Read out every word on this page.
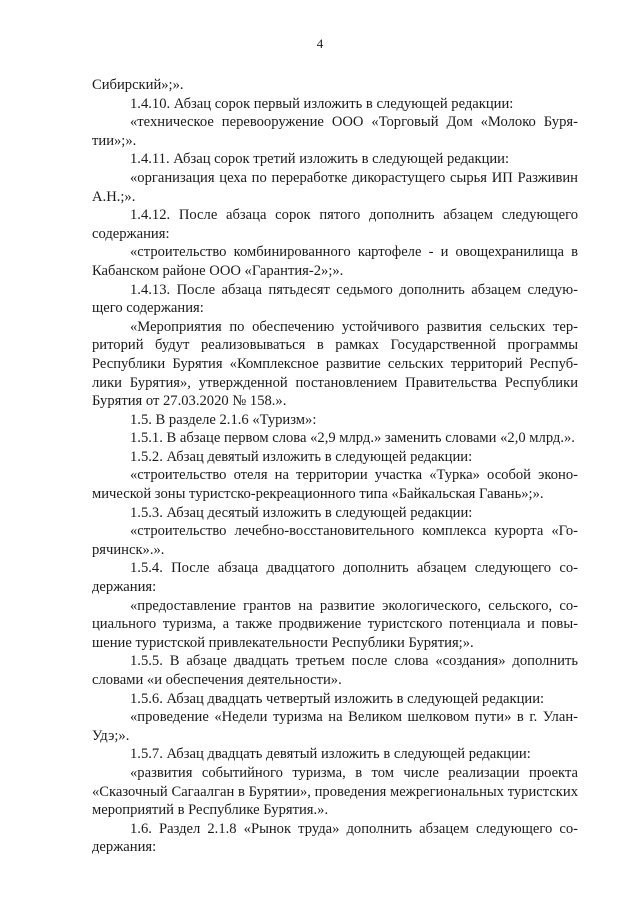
4

Сибирский»;».

1.4.10. Абзац сорок первый изложить в следующей редакции:

«техническое перевооружение ООО «Торговый Дом «Молоко Бурятии»;».

1.4.11. Абзац сорок третий изложить в следующей редакции:

«организация цеха по переработке дикорастущего сырья ИП Разживин А.Н.;».

1.4.12. После абзаца сорок пятого дополнить абзацем следующего содержания:

«строительство комбинированного картофеле - и овощехранилища в Кабанском районе ООО «Гарантия-2»;».

1.4.13. После абзаца пятьдесят седьмого дополнить абзацем следующего содержания:

«Мероприятия по обеспечению устойчивого развития сельских территорий будут реализовываться в рамках Государственной программы Республики Бурятия «Комплексное развитие сельских территорий Республики Бурятия», утвержденной постановлением Правительства Республики Бурятия от 27.03.2020 № 158.».

1.5. В разделе 2.1.6 «Туризм»:

1.5.1. В абзаце первом слова «2,9 млрд.» заменить словами «2,0 млрд.».

1.5.2. Абзац девятый изложить в следующей редакции:

«строительство отеля на территории участка «Турка» особой экономической зоны туристско-рекреационного типа «Байкальская Гавань»;».

1.5.3. Абзац десятый изложить в следующей редакции:

«строительство лечебно-восстановительного комплекса курорта «Горячинск».».

1.5.4. После абзаца двадцатого дополнить абзацем следующего содержания:

«предоставление грантов на развитие экологического, сельского, социального туризма, а также продвижение туристского потенциала и повышение туристской привлекательности Республики Бурятия;».

1.5.5. В абзаце двадцать третьем после слова «создания» дополнить словами «и обеспечения деятельности».

1.5.6. Абзац двадцать четвертый изложить в следующей редакции:

«проведение «Недели туризма на Великом шелковом пути» в г. Улан-Удэ;».

1.5.7. Абзац двадцать девятый изложить в следующей редакции:

«развития событийного туризма, в том числе реализации проекта «Сказочный Сагаалган в Бурятии», проведения межрегиональных туристских мероприятий в Республике Бурятия.».

1.6. Раздел 2.1.8 «Рынок труда» дополнить абзацем следующего содержания:
